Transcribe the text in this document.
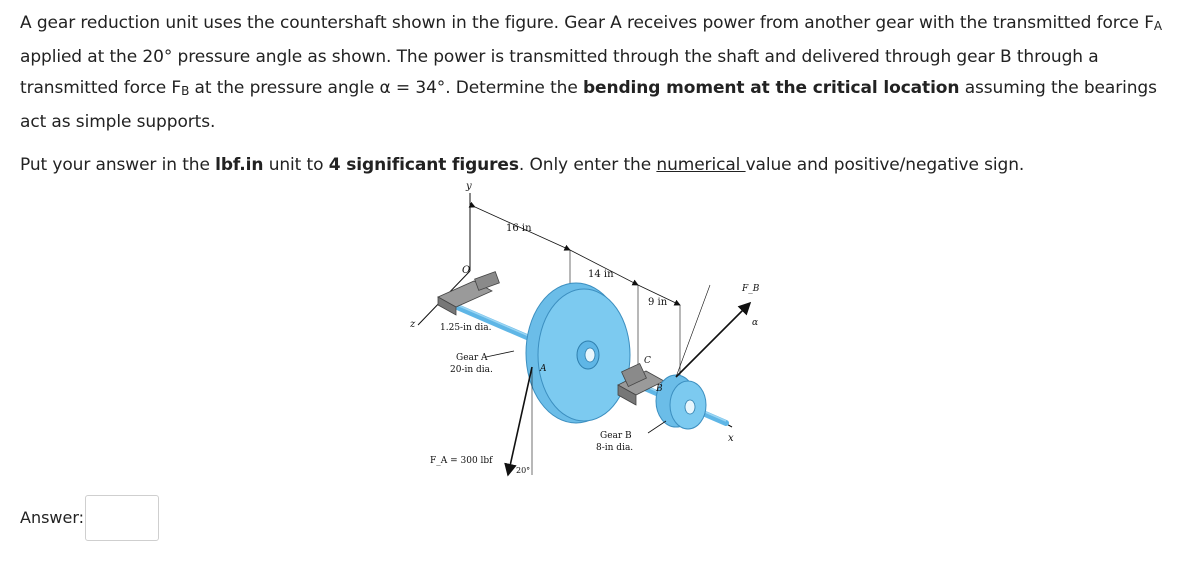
A gear reduction unit uses the countershaft shown in the figure. Gear A receives power from another gear with the transmitted force FA applied at the 20° pressure angle as shown. The power is transmitted through the shaft and delivered through gear B through a transmitted force FB at the pressure angle α = 34°. Determine the bending moment at the critical location assuming the bearings act as simple supports.

Put your answer in the lbf.in unit to 4 significant figures. Only enter the numerical value and positive/negative sign.

y
O
z
x
16 in
14 in
9 in
1.25-in dia.
A
Gear A
20-in dia.
F_A = 300 lbf
20°
C
B
Gear B
8-in dia.
F_B
α
Answer:
